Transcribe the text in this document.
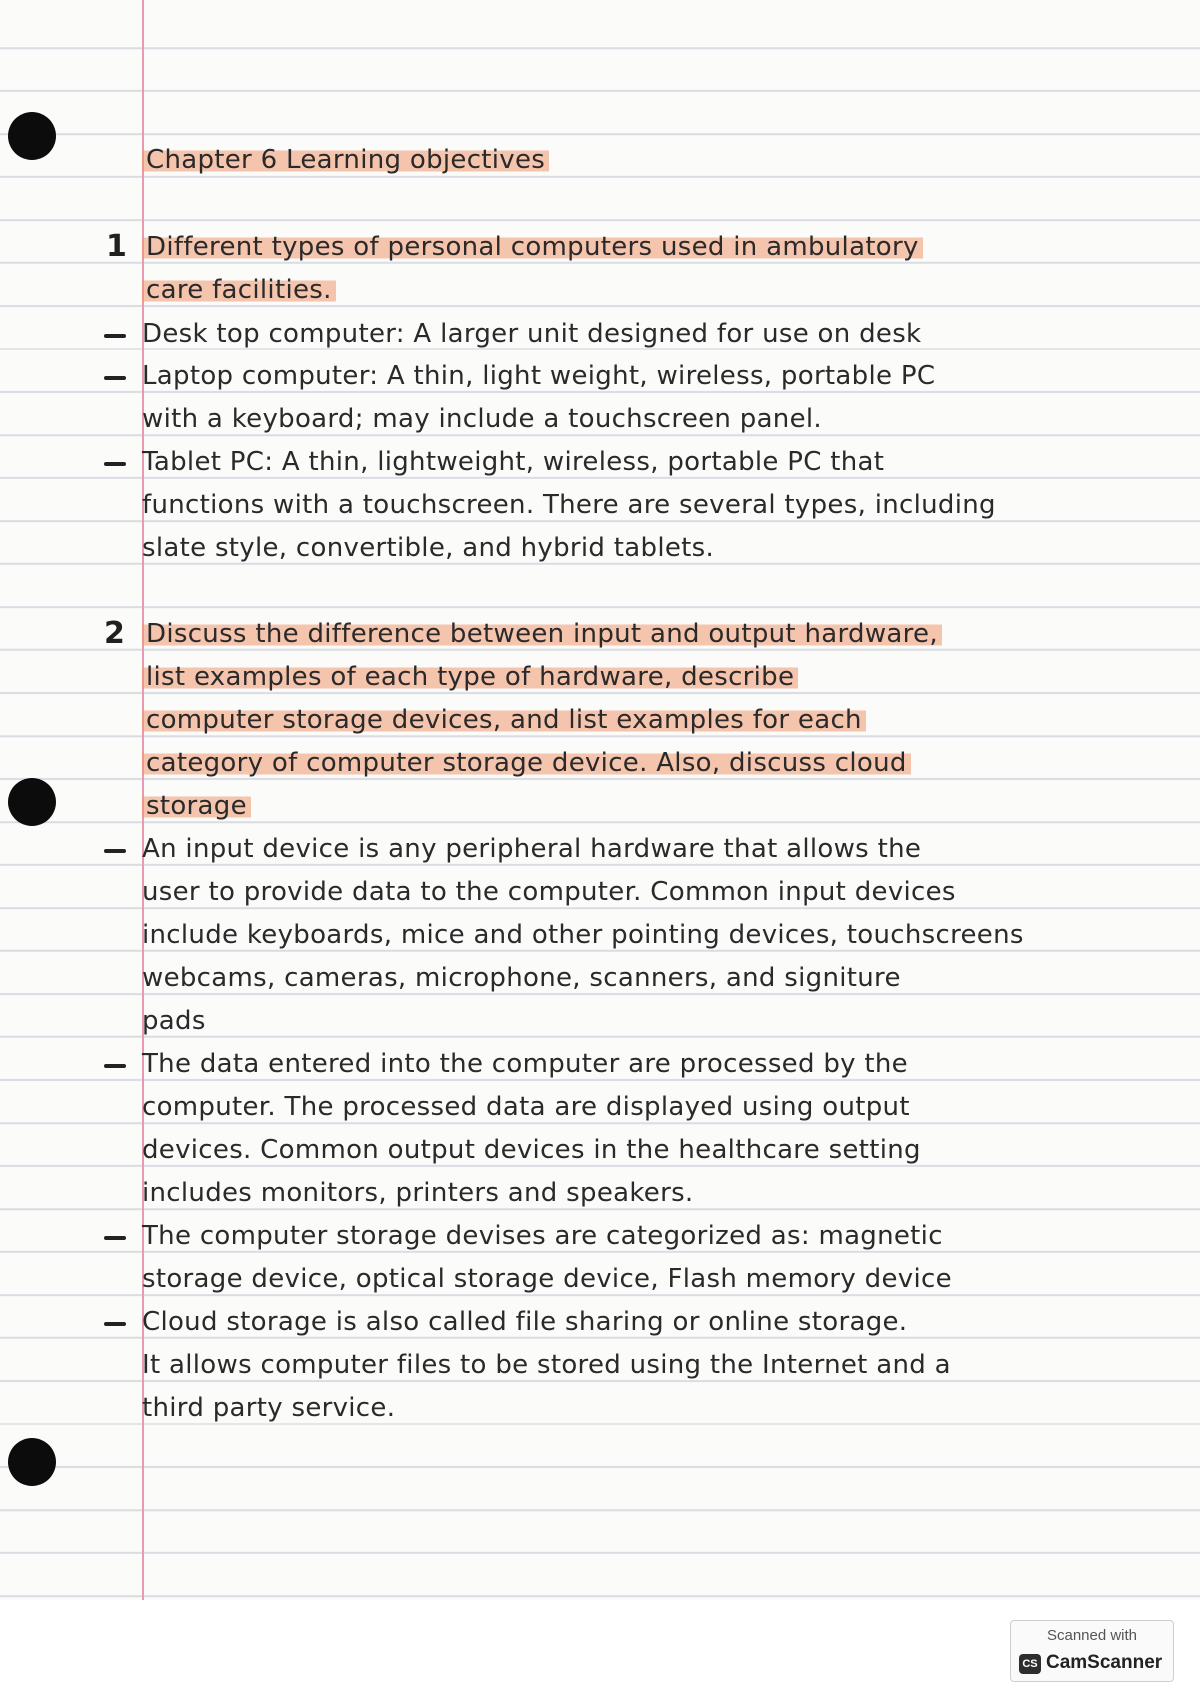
Chapter 6 Learning objectives
1 Different types of personal computers used in ambulatory
care facilities.
Desk top computer: A larger unit designed for use on desk
Laptop computer: A thin, light weight, wireless, portable PC
with a keyboard; may include a touchscreen panel.
Tablet PC: A thin, lightweight, wireless, portable PC that
functions with a touchscreen. There are several types, including
slate style, convertible, and hybrid tablets.
2 Discuss the difference between input and output hardware,
list examples of each type of hardware, describe
computer storage devices, and list examples for each
category of computer storage device. Also, discuss cloud
storage
An input device is any peripheral hardware that allows the
user to provide data to the computer. Common input devices
include keyboards, mice and other pointing devices, touchscreens
webcams, cameras, microphone, scanners, and signiture
pads
The data entered into the computer are processed by the
computer. The processed data are displayed using output
devices. Common output devices in the healthcare setting
includes monitors, printers and speakers.
The computer storage devises are categorized as: magnetic
storage device, optical storage device, Flash memory device
Cloud storage is also called file sharing or online storage.
It allows computer files to be stored using the Internet and a
third party service.
Scanned with
CS CamScanner
